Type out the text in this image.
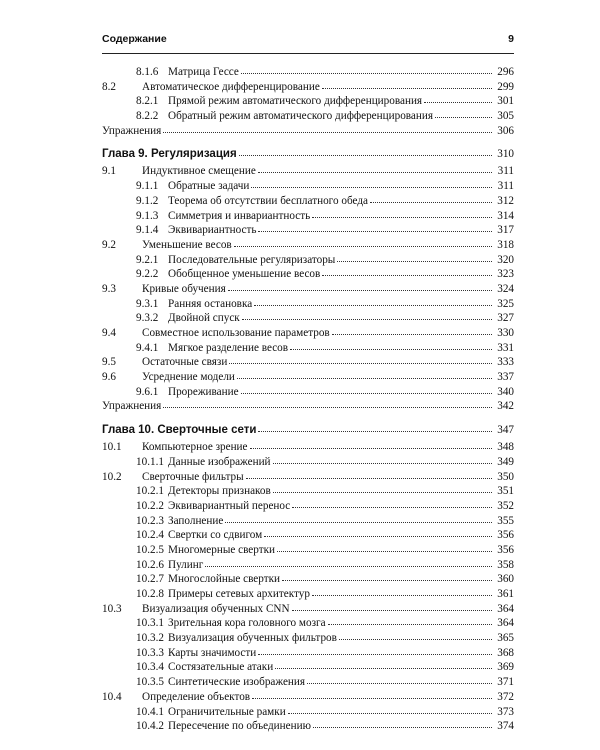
Содержание	9
8.1.6 Матрица Гессе	296
8.2	Автоматическое дифференцирование	299
8.2.1 Прямой режим автоматического дифференцирования	301
8.2.2 Обратный режим автоматического дифференцирования	305
Упражнения	306
Глава 9. Регуляризация	310
9.1	Индуктивное смещение	311
9.1.1 Обратные задачи	311
9.1.2 Теорема об отсутствии бесплатного обеда	312
9.1.3 Симметрия и инвариантность	314
9.1.4 Эквивариантность	317
9.2	Уменьшение весов	318
9.2.1 Последовательные регуляризаторы	320
9.2.2 Обобщенное уменьшение весов	323
9.3	Кривые обучения	324
9.3.1 Ранняя остановка	325
9.3.2 Двойной спуск	327
9.4	Совместное использование параметров	330
9.4.1 Мягкое разделение весов	331
9.5	Остаточные связи	333
9.6	Усреднение модели	337
9.6.1 Прореживание	340
Упражнения	342
Глава 10. Сверточные сети	347
10.1	Компьютерное зрение	348
10.1.1 Данные изображений	349
10.2	Сверточные фильтры	350
10.2.1 Детекторы признаков	351
10.2.2 Эквивариантный перенос	352
10.2.3 Заполнение	355
10.2.4 Свертки со сдвигом	356
10.2.5 Многомерные свертки	356
10.2.6 Пулинг	358
10.2.7 Многослойные свертки	360
10.2.8 Примеры сетевых архитектур	361
10.3	Визуализация обученных CNN	364
10.3.1 Зрительная кора головного мозга	364
10.3.2 Визуализация обученных фильтров	365
10.3.3 Карты значимости	368
10.3.4 Состязательные атаки	369
10.3.5 Синтетические изображения	371
10.4	Определение объектов	372
10.4.1 Ограничительные рамки	373
10.4.2 Пересечение по объединению	374
